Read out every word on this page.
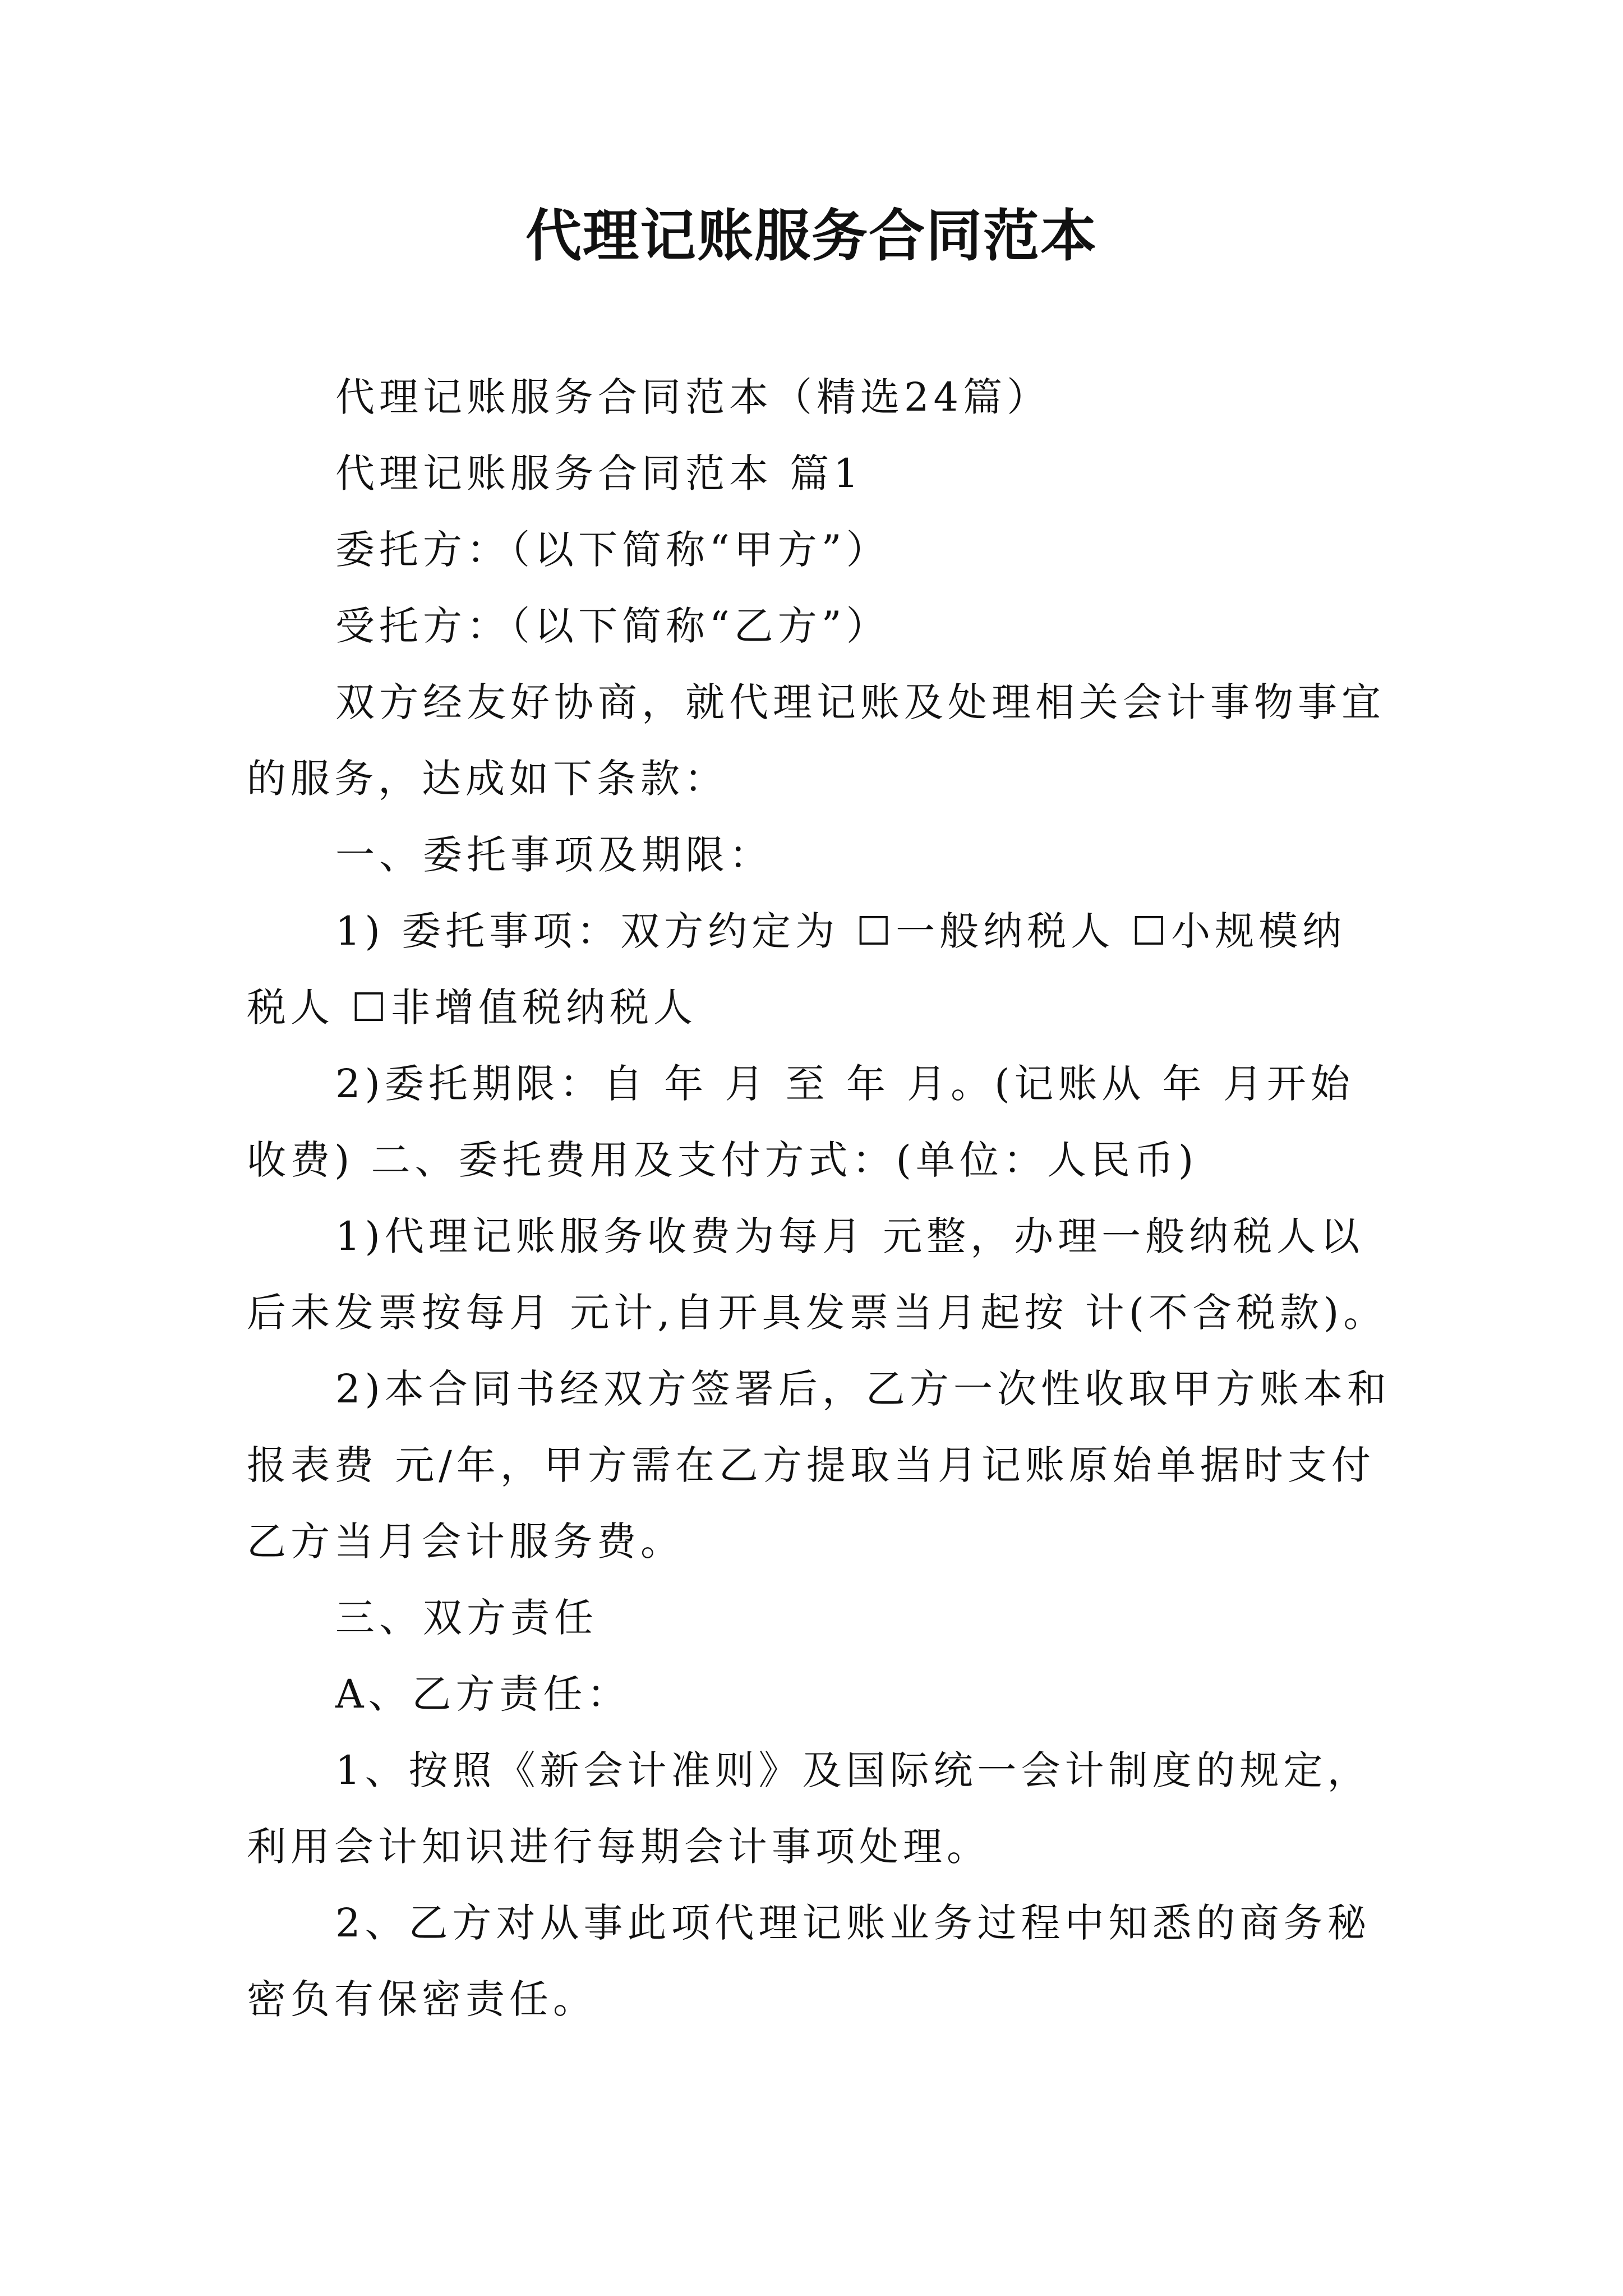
代理记账服务合同范本
代理记账服务合同范本（精选24篇）
代理记账服务合同范本 篇1
委托方：（以下简称“甲方”）
受托方：（以下简称“乙方”）
双方经友好协商，就代理记账及处理相关会计事物事宜
的服务，达成如下条款：
一、委托事项及期限：
1) 委托事项：双方约定为 ☐一般纳税人 ☐小规模纳
税人 ☐非增值税纳税人
2)委托期限：自 年 月 至 年 月。(记账从 年 月开始
收费) 二、委托费用及支付方式：(单位：人民币)
1)代理记账服务收费为每月 元整，办理一般纳税人以
后未发票按每月 元计,自开具发票当月起按 计(不含税款)。
2)本合同书经双方签署后，乙方一次性收取甲方账本和
报表费 元/年，甲方需在乙方提取当月记账原始单据时支付
乙方当月会计服务费。
三、双方责任
A、乙方责任：
1、按照《新会计准则》及国际统一会计制度的规定，
利用会计知识进行每期会计事项处理。
2、乙方对从事此项代理记账业务过程中知悉的商务秘
密负有保密责任。
